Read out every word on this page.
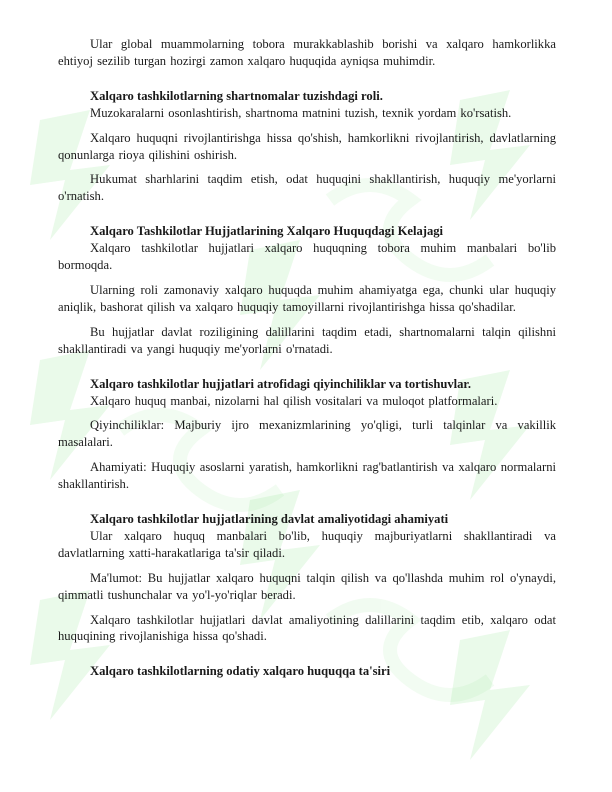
Ular global muammolarning tobora murakkablashib borishi va xalqaro hamkorlikka ehtiyoj sezilib turgan hozirgi zamon xalqaro huquqida ayniqsa muhimdir.

Xalqaro tashkilotlarning shartnomalar tuzishdagi roli.

Muzokaralarni osonlashtirish, shartnoma matnini tuzish, texnik yordam ko'rsatish.

Xalqaro huquqni rivojlantirishga hissa qo'shish, hamkorlikni rivojlantirish, davlatlarning qonunlarga rioya qilishini oshirish.

Hukumat sharhlarini taqdim etish, odat huquqini shakllantirish, huquqiy me'yorlarni o'rnatish.

Xalqaro Tashkilotlar Hujjatlarining Xalqaro Huquqdagi Kelajagi

Xalqaro tashkilotlar hujjatlari xalqaro huquqning tobora muhim manbalari bo'lib bormoqda.

Ularning roli zamonaviy xalqaro huquqda muhim ahamiyatga ega, chunki ular huquqiy aniqlik, bashorat qilish va xalqaro huquqiy tamoyillarni rivojlantirishga hissa qo'shadilar.

Bu hujjatlar davlat roziligining dalillarini taqdim etadi, shartnomalarni talqin qilishni shakllantiradi va yangi huquqiy me'yorlarni o'rnatadi.

Xalqaro tashkilotlar hujjatlari atrofidagi qiyinchiliklar va tortishuvlar.

Xalqaro huquq manbai, nizolarni hal qilish vositalari va muloqot platformalari.

Qiyinchiliklar: Majburiy ijro mexanizmlarining yo'qligi, turli talqinlar va vakillik masalalari.

Ahamiyati: Huquqiy asoslarni yaratish, hamkorlikni rag'batlantirish va xalqaro normalarni shakllantirish.

Xalqaro tashkilotlar hujjatlarining davlat amaliyotidagi ahamiyati

Ular xalqaro huquq manbalari bo'lib, huquqiy majburiyatlarni shakllantiradi va davlatlarning xatti-harakatlariga ta'sir qiladi.

Ma'lumot: Bu hujjatlar xalqaro huquqni talqin qilish va qo'llashda muhim rol o'ynaydi, qimmatli tushunchalar va yo'l-yo'riqlar beradi.

Xalqaro tashkilotlar hujjatlari davlat amaliyotining dalillarini taqdim etib, xalqaro odat huquqining rivojlanishiga hissa qo'shadi.

Xalqaro tashkilotlarning odatiy xalqaro huquqqa ta'siri
